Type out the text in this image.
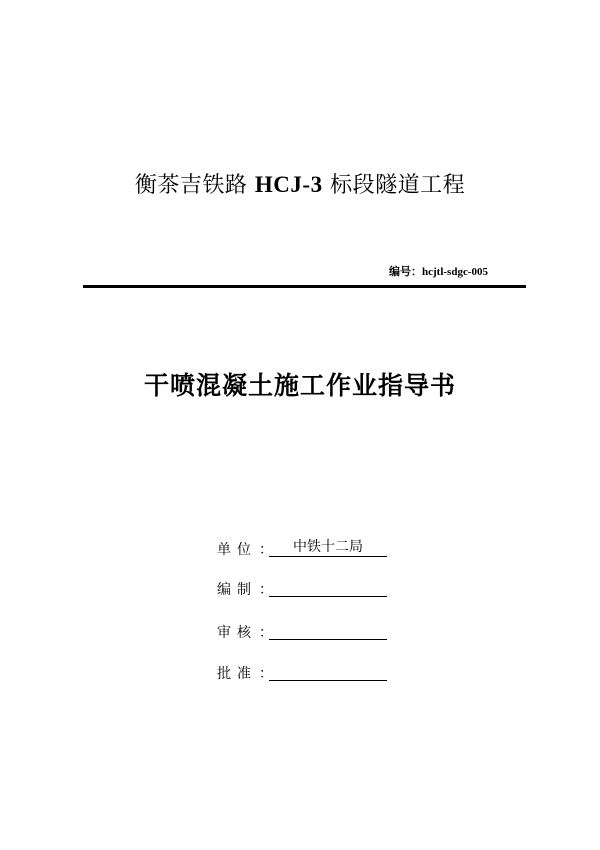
衡茶吉铁路 HCJ-3 标段隧道工程
编号：hcjtl-sdgc-005
干喷混凝土施工作业指导书
单位 ：	中铁十二局
编制 ：
审核 ：
批准 ：
